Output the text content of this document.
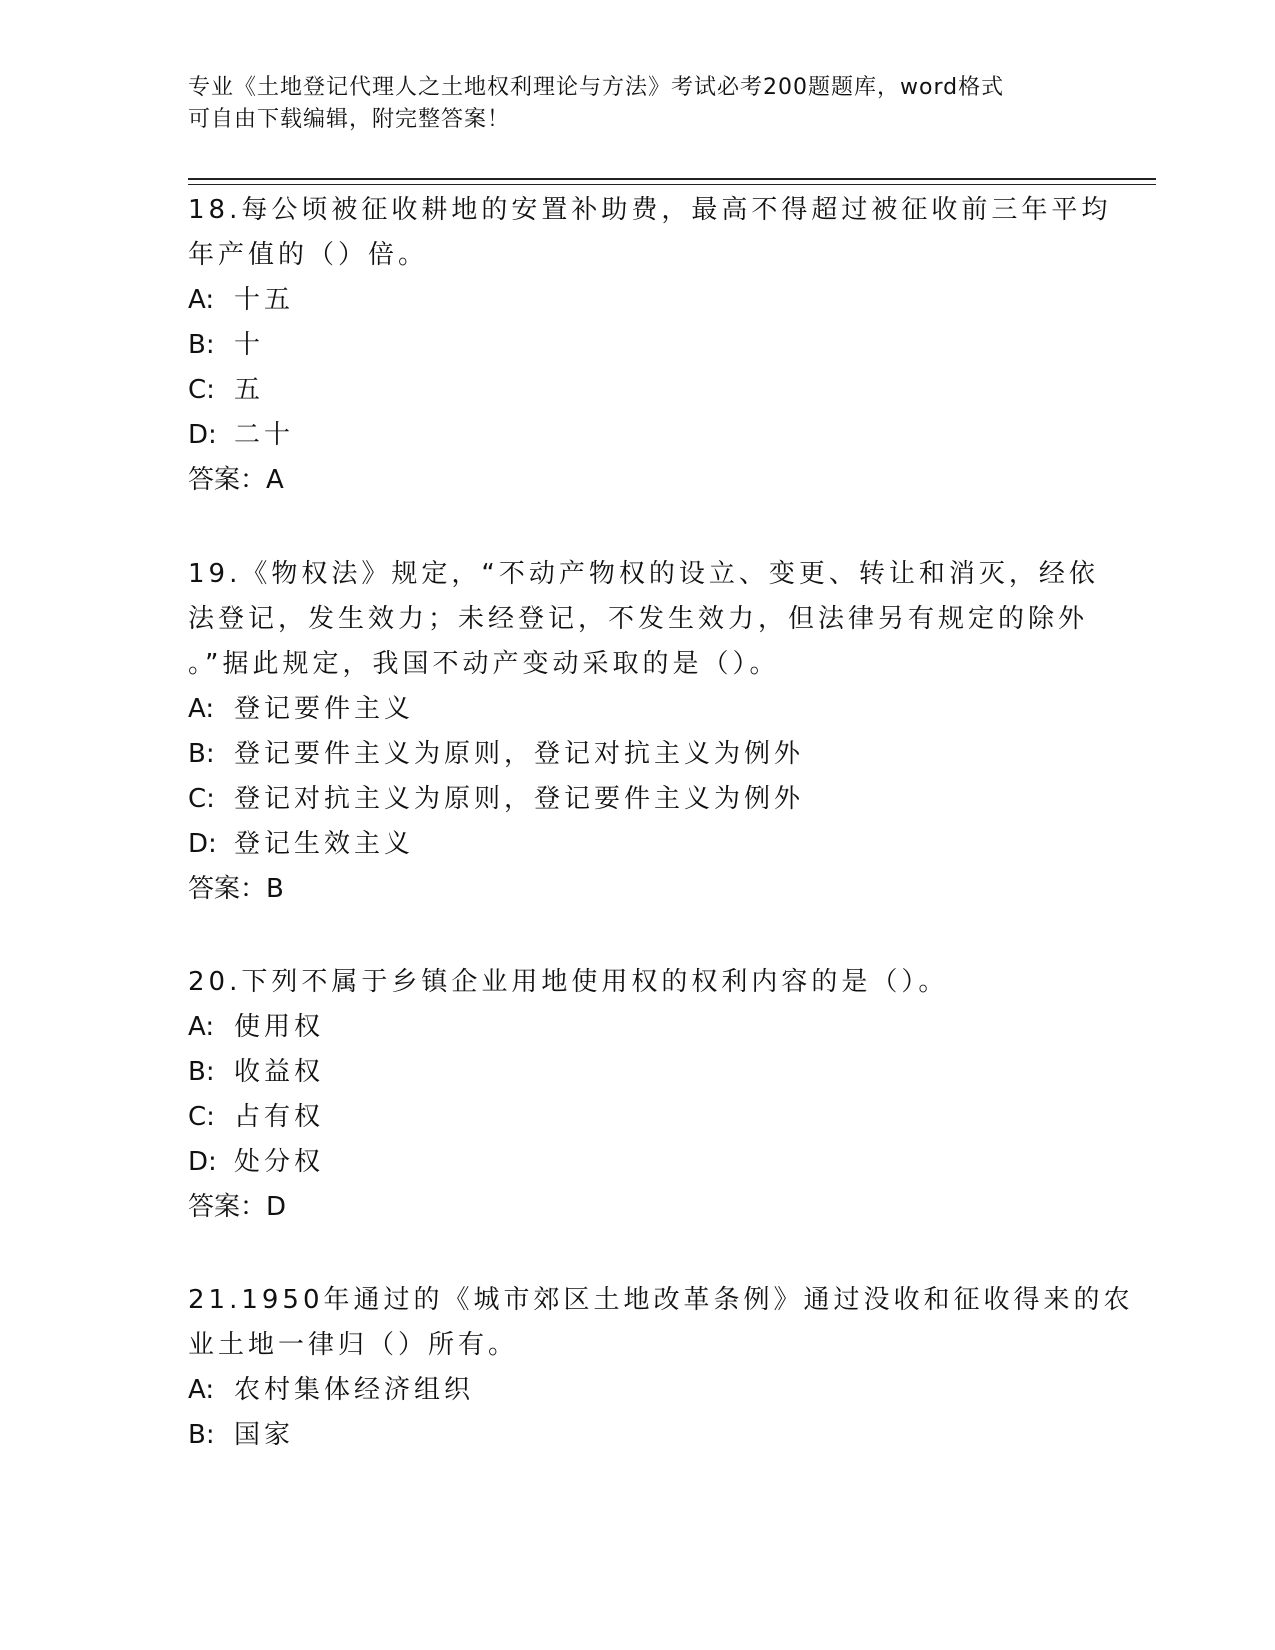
专业《土地登记代理人之土地权利理论与方法》考试必考200题题库，word格式
可自由下载编辑，附完整答案！
18.每公顷被征收耕地的安置补助费，最高不得超过被征收前三年平均
年产值的（）倍。
A: 十五
B: 十
C: 五
D: 二十
答案：A
19.《物权法》规定，“不动产物权的设立、变更、转让和消灭，经依
法登记，发生效力；未经登记，不发生效力，但法律另有规定的除外
。”据此规定，我国不动产变动采取的是（）。
A: 登记要件主义
B: 登记要件主义为原则，登记对抗主义为例外
C: 登记对抗主义为原则，登记要件主义为例外
D: 登记生效主义
答案：B
20.下列不属于乡镇企业用地使用权的权利内容的是（）。
A: 使用权
B: 收益权
C: 占有权
D: 处分权
答案：D
21.1950年通过的《城市郊区土地改革条例》通过没收和征收得来的农
业土地一律归（）所有。
A: 农村集体经济组织
B: 国家
